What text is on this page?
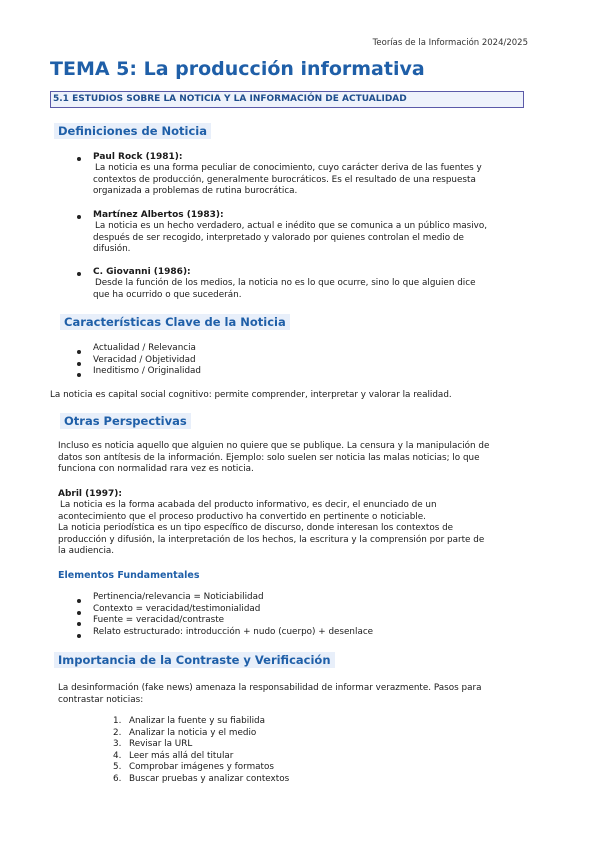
Teorías de la Información 2024/2025
TEMA 5: La producción informativa
5.1 ESTUDIOS SOBRE LA NOTICIA Y LA INFORMACIÓN DE ACTUALIDAD
Definiciones de Noticia
Paul Rock (1981):
La noticia es una forma peculiar de conocimiento, cuyo carácter deriva de las fuentes y
contextos de producción, generalmente burocráticos. Es el resultado de una respuesta
organizada a problemas de rutina burocrática.
Martínez Albertos (1983):
La noticia es un hecho verdadero, actual e inédito que se comunica a un público masivo,
después de ser recogido, interpretado y valorado por quienes controlan el medio de
difusión.
C. Giovanni (1986):
Desde la función de los medios, la noticia no es lo que ocurre, sino lo que alguien dice
que ha ocurrido o que sucederán.
Características Clave de la Noticia
Actualidad / Relevancia
Veracidad / Objetividad
Ineditismo / Originalidad
La noticia es capital social cognitivo: permite comprender, interpretar y valorar la realidad.
Otras Perspectivas
Incluso es noticia aquello que alguien no quiere que se publique. La censura y la manipulación de
datos son antítesis de la información. Ejemplo: solo suelen ser noticia las malas noticias; lo que
funciona con normalidad rara vez es noticia.
Abril (1997):
La noticia es la forma acabada del producto informativo, es decir, el enunciado de un
acontecimiento que el proceso productivo ha convertido en pertinente o noticiable.
La noticia periodística es un tipo específico de discurso, donde interesan los contextos de
producción y difusión, la interpretación de los hechos, la escritura y la comprensión por parte de
la audiencia.
Elementos Fundamentales
Pertinencia/relevancia = Noticiabilidad
Contexto = veracidad/testimonialidad
Fuente = veracidad/contraste
Relato estructurado: introducción + nudo (cuerpo) + desenlace
Importancia de la Contraste y Verificación
La desinformación (fake news) amenaza la responsabilidad de informar verazmente. Pasos para
contrastar noticias:
1. Analizar la fuente y su fiabilida
2. Analizar la noticia y el medio
3. Revisar la URL
4. Leer más allá del titular
5. Comprobar imágenes y formatos
6. Buscar pruebas y analizar contextos
